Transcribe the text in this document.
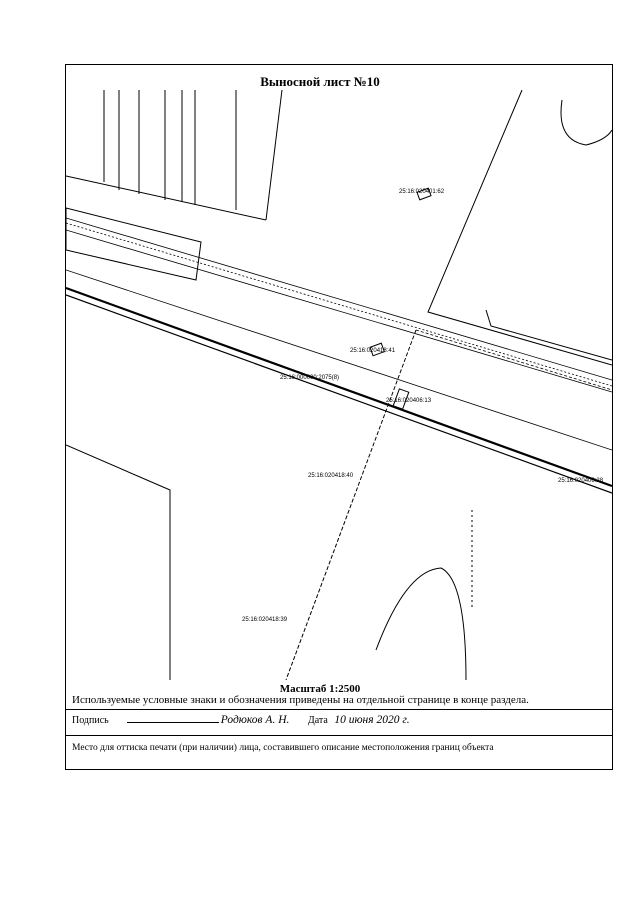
Выносной лист №10
25:16:020401:62
25:16:020418:41
25:16:000000:2075(8)
25:16:020406:13
25:16:020418:40
25:16:020406:28
25:16:020418:39
Масштаб 1:2500
Используемые условные знаки и обозначения приведены на отдельной странице в конце раздела.
Подпись	Родюков А. Н. Дата 10 июня 2020 г.
Место для оттиска печати (при наличии) лица, составившего описание местоположения границ объекта
